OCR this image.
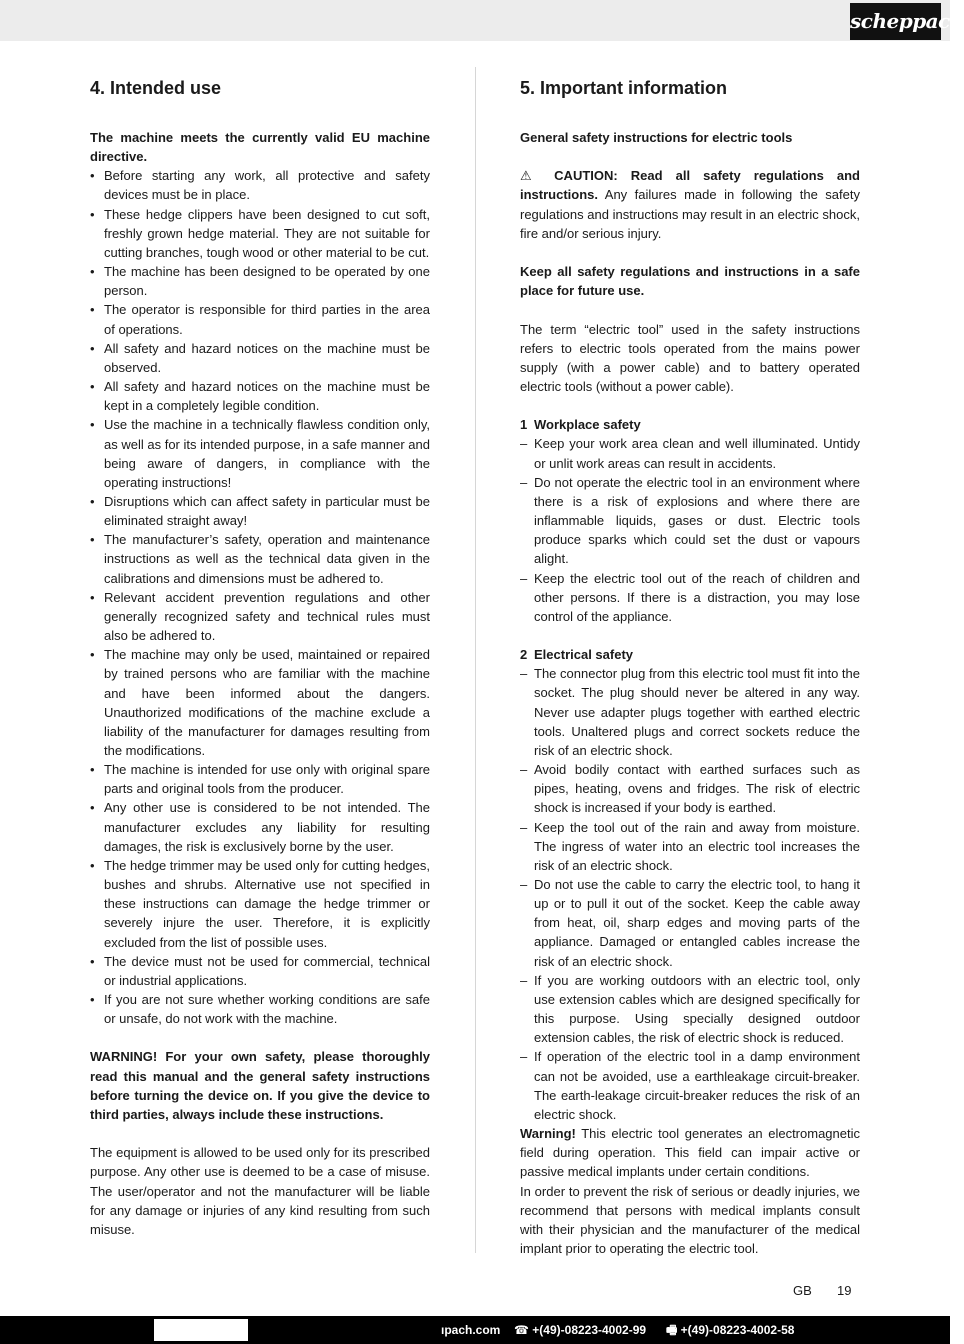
scheppach
4. Intended use

The machine meets the currently valid EU machine directive.

• Before starting any work, all protective and safety devices must be in place.
• These hedge clippers have been designed to cut soft, freshly grown hedge material. They are not suitable for cutting branches, tough wood or other material to be cut.
• The machine has been designed to be operated by one person.
• The operator is responsible for third parties in the area of operations.
• All safety and hazard notices on the machine must be observed.
• All safety and hazard notices on the machine must be kept in a completely legible condition.
• Use the machine in a technically flawless condition only, as well as for its intended purpose, in a safe manner and being aware of dangers, in compliance with the operating instructions!
• Disruptions which can affect safety in particular must be eliminated straight away!
• The manufacturer’s safety, operation and maintenance instructions as well as the technical data given in the calibrations and dimensions must be adhered to.
• Relevant accident prevention regulations and other generally recognized safety and technical rules must also be adhered to.
• The machine may only be used, maintained or repaired by trained persons who are familiar with the machine and have been informed about the dangers. Unauthorized modifications of the machine exclude a liability of the manufacturer for damages resulting from the modifications.
• The machine is intended for use only with original spare parts and original tools from the producer.
• Any other use is considered to be not intended. The manufacturer excludes any liability for resulting damages, the risk is exclusively borne by the user.
• The hedge trimmer may be used only for cutting hedges, bushes and shrubs. Alternative use not specified in these instructions can damage the hedge trimmer or severely injure the user. Therefore, it is explicitly excluded from the list of possible uses.
• The device must not be used for commercial, technical or industrial applications.
• If you are not sure whether working conditions are safe or unsafe, do not work with the machine.

WARNING! For your own safety, please thoroughly read this manual and the general safety instructions before turning the device on. If you give the device to third parties, always include these instructions.

The equipment is allowed to be used only for its prescribed purpose. Any other use is deemed to be a case of misuse. The user/operator and not the manufacturer will be liable for any damage or injuries of any kind resulting from such misuse.

5. Important information

General safety instructions for electric tools

⚠ CAUTION: Read all safety regulations and instructions. Any failures made in following the safety regulations and instructions may result in an electric shock, fire and/or serious injury.

Keep all safety regulations and instructions in a safe place for future use.

The term “electric tool” used in the safety instructions refers to electric tools operated from the mains power supply (with a power cable) and to battery operated electric tools (without a power cable).

1 Workplace safety
– Keep your work area clean and well illuminated. Untidy or unlit work areas can result in accidents.
– Do not operate the electric tool in an environment where there is a risk of explosions and where there are inflammable liquids, gases or dust. Electric tools produce sparks which could set the dust or vapours alight.
– Keep the electric tool out of the reach of children and other persons. If there is a distraction, you may lose control of the appliance.
2 Electrical safety
– The connector plug from this electric tool must fit into the socket. The plug should never be altered in any way. Never use adapter plugs together with earthed electric tools. Unaltered plugs and correct sockets reduce the risk of an electric shock.
– Avoid bodily contact with earthed surfaces such as pipes, heating, ovens and fridges. The risk of electric shock is increased if your body is earthed.
– Keep the tool out of the rain and away from moisture. The ingress of water into an electric tool increases the risk of an electric shock.
– Do not use the cable to carry the electric tool, to hang it up or to pull it out of the socket. Keep the cable away from heat, oil, sharp edges and moving parts of the appliance. Damaged or entangled cables increase the risk of an electric shock.
– If you are working outdoors with an electric tool, only use extension cables which are designed specifically for this purpose. Using specially designed outdoor extension cables, the risk of electric shock is reduced.
– If operation of the electric tool in a damp environment can not be avoided, use a earthleakage circuit-breaker. The earth-leakage circuit-breaker reduces the risk of an electric shock.

Warning! This electric tool generates an electromagnetic field during operation. This field can impair active or passive medical implants under certain conditions.

In order to prevent the risk of serious or deadly injuries, we recommend that persons with medical implants consult with their physician and the manufacturer of the medical implant prior to operating the electric tool.

GB 19
ıpach.com ☎ +(49)-08223-4002-99 🖷 +(49)-08223-4002-58
